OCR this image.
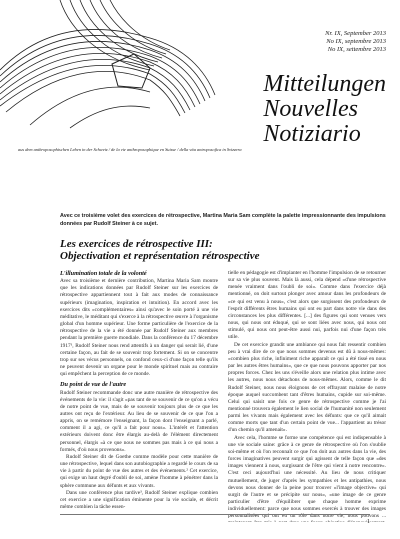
Nr. IX, September 2013
No IX, septembre 2013
No IX, settembre 2013
Mitteilungen
Nouvelles
Notiziario
aus dem anthroposophischen Leben in der Schweiz / de la vie anthroposophique en Suisse / della vita antroposofica in Svizzera
Avec ce troisième volet des exercices de rétrospective, Martina Maria Sam complète la palette impressionnante des impulsions données par Rudolf Steiner à ce sujet.
Les exercices de rétrospective III:
Objectivation et représentation rétrospective
L'illumination totale de la volonté

Avec sa troisième et dernière contribution, Martina Maria Sam montre que les indications données par Rudolf Steiner sur les exercices de rétrospective appartiennent tout à fait aux modes de connaissance supérieurs (imagination, inspiration et intuition). En accord avec les exercices dits «complémentaires» ainsi qu'avec le soin porté à une vie méditative, le méditant qui s'exerce à la rétrospective œuvre à l'organisme global d'un homme supérieur. Une forme particulière de l'exercice de la rétrospective de la vie a été donnée par Rudolf Steiner aux membres pendant la première guerre mondiale. Dans la conférence du 17 décembre 1917¹, Rudolf Steiner nous rend attentifs à un danger qui serait lié, d'une certaine façon, au fait de se souvenir trop fortement. Si on se concentre trop sur ses vécus personnels, on confond ceux-ci d'une façon telle qu'ils ne peuvent devenir un organe pour le monde spirituel mais au contraire qui empêchent la perception de ce monde.

Du point de vue de l'autre

Rudolf Steiner recommande donc une autre manière de rétrospective des événements de la vie: il s'agit «pas tant de se souvenir de ce qu'on a vécu de notre point de vue, mais de se souvenir toujours plus de ce que les autres ont reçu de l'extérieur. Au lieu de se souvenir de ce que l'on a appris, on se remémore l'enseignant, la façon dont l'enseignant a parlé, comment il a agi, ce qu'il a fait pour nous». L'intérêt et l'attention extérieurs doivent donc être élargis au-delà de l'élément directement personnel, élargis «à ce que nous ne sommes pas mais à ce qui nous a formés, d'où nous provenons».

Rudolf Steiner dit de Goethe comme modèle pour cette manière de une rétrospective, lequel dans son autobiographie a regardé le cours de sa vie à partir du point de vue des autres et des événements.² Cet exercice, qui exige un haut degré d'oubli de soi, amène l'homme à pénétrer dans la sphère commune aux défunts et aux vivants.

Dans une conférence plus tardive³, Rudolf Steiner explique combien cet exercice a une signification éminente pour la vie sociale, et décrit même combien la tâche essen-

tielle en pédagogie est d'implanter en l'homme l'impulsion de se retourner sur sa vie plus souvent. Mais là aussi, cela dépend «d'une rétrospective menée vraiment dans l'oubli de soi». Comme dans l'exercice déjà mentionné, on doit surtout plonger avec amour dans les profondeurs de «ce qui est venu à nous», c'est alors que surgissent des profondeurs de l'esprit différents êtres humains qui ont eu part dans notre vie dans des circonstances les plus différentes. [...] des figures qui sont venues vers nous, qui nous ont éduqué, qui se sont liées avec nous, qui nous ont stimulé, qui nous ont peut-être aussi nui, parfois nui d'une façon très utile.

De cet exercice grandit une ambiance qui nous fait ressentir combien peu à vrai dire de ce que nous sommes devenus est dû à nous-mêmes: «combien plus riche, infiniment riche apparaît ce qui a été tissé en nous par les autres êtres humains», que ce que nous pouvons apporter par nos propres forces. Chez les uns s'éveille alors une relation plus intime avec les autres, nous nous détachons de nous-mêmes. Alors, comme le dit Rudolf Steiner, nous nous éloignons de cet effrayant malaise de notre époque auquel succombent tant d'êtres humains, cupide sur soi-même. Celui qui saisit une fois ce genre de rétrospective comme je l'ai mentionné trouvera également le lien social de l'humanité non seulement parmi les vivants mais également avec les défunts: que ce qu'il aimait comme morts que tant d'un certain point de vue... l'appartient au trésor d'un chemin qu'il amenait».

Avec cela, l'homme se forme une compétence qui est indispensable à une vie sociale saine: grâce à ce genre de rétrospective où l'on s'oublie soi-même et où l'on reconnaît ce que l'on doit aux autres dans la vie, des forces imaginatives peuvent surgir qui agissent de telle façon que «des images viennent à nous, surgissant de l'être qui vient à notre rencontre». C'est ceci aujourd'hui une nécessité. Au lieu de nous critiquer mutuellement, de juger d'après les sympathies et les antipathies, nous devons nous donner de la peine pour trouver «l'image objective» qui surgit de l'autre et se précipite sur nous», «une image de ce genre particulier d'être d'équilibrer que chaque homme exprime individuellement: parce que nous sommes exercés à trouver des images personnalisées qui ont eu un rôle dans notre vie, nous pouvons ...

1
